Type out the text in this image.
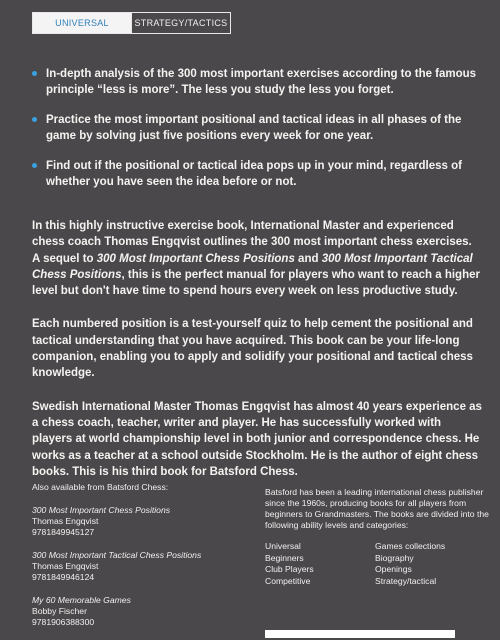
UNIVERSAL	STRATEGY/TACTICS
In-depth analysis of the 300 most important exercises according to the famous principle “less is more”. The less you study the less you forget.
Practice the most important positional and tactical ideas in all phases of the game by solving just five positions every week for one year.
Find out if the positional or tactical idea pops up in your mind, regardless of whether you have seen the idea before or not.

In this highly instructive exercise book, International Master and experienced chess coach Thomas Engqvist outlines the 300 most important chess exercises. A sequel to 300 Most Important Chess Positions and 300 Most Important Tactical Chess Positions, this is the perfect manual for players who want to reach a higher level but don't have time to spend hours every week on less productive study.

Each numbered position is a test-yourself quiz to help cement the positional and tactical understanding that you have acquired. This book can be your life-long companion, enabling you to apply and solidify your positional and tactical chess knowledge.

Swedish International Master Thomas Engqvist has almost 40 years experience as a chess coach, teacher, writer and player. He has successfully worked with players at world championship level in both junior and correspondence chess. He works as a teacher at a school outside Stockholm. He is the author of eight chess books. This is his third book for Batsford Chess.

Also available from Batsford Chess:
300 Most Important Chess Positions
Thomas Engqvist
9781849945127
300 Most Important Tactical Chess Positions
Thomas Engqvist
9781849946124
My 60 Memorable Games
Bobby Fischer
9781906388300
Batsford has been a leading international chess publisher since the 1960s, producing books for all players from beginners to Grandmasters. The books are divided into the following ability levels and categories:
Universal	Games collections
Beginners	Biography
Club Players	Openings
Competitive	Strategy/tactical
